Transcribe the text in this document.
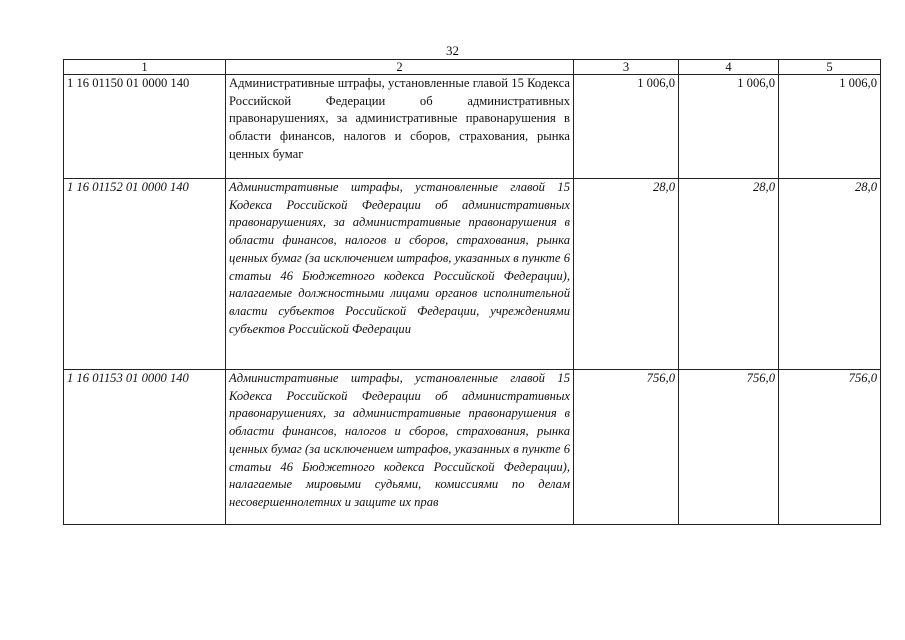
32
1	2	3	4	5
1 16 01150 01 0000 140	Административные штрафы, установленные главой 15 Кодекса Российской Федерации об административных правонарушениях, за административные правонарушения в области финансов, налогов и сборов, страхования, рынка ценных бумаг	1 006,0	1 006,0	1 006,0
1 16 01152 01 0000 140	Административные штрафы, установленные главой 15 Кодекса Российской Федерации об административных правонарушениях, за административные правонарушения в области финансов, налогов и сборов, страхования, рынка ценных бумаг (за исключением штрафов, указанных в пункте 6 статьи 46 Бюджетного кодекса Российской Федерации), налагаемые должностными лицами органов исполнительной власти субъектов Российской Федерации, учреждениями субъектов Российской Федерации	28,0	28,0	28,0
1 16 01153 01 0000 140	Административные штрафы, установленные главой 15 Кодекса Российской Федерации об административных правонарушениях, за административные правонарушения в области финансов, налогов и сборов, страхования, рынка ценных бумаг (за исключением штрафов, указанных в пункте 6 статьи 46 Бюджетного кодекса Российской Федерации), налагаемые мировыми судьями, комиссиями по делам несовершеннолетних и защите их прав	756,0	756,0	756,0
